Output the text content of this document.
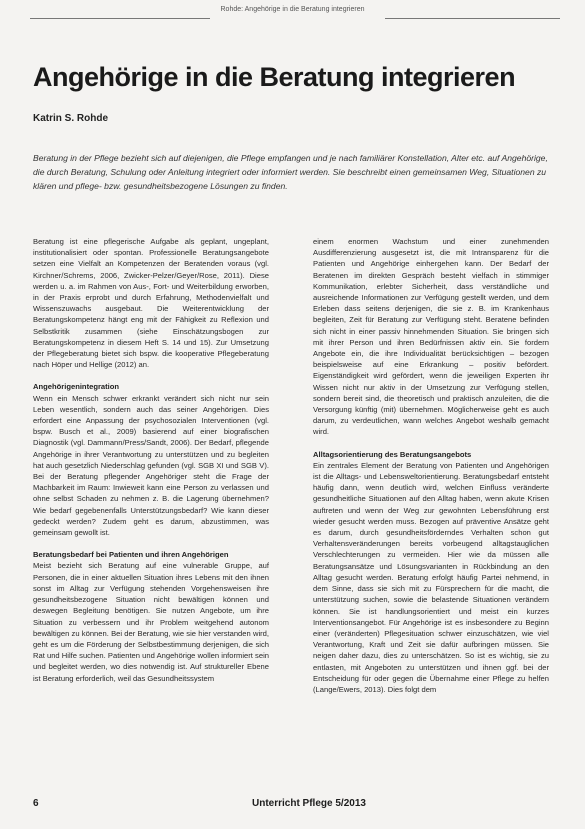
Rohde: Angehörige in die Beratung integrieren
Angehörige in die Beratung integrieren
Katrin S. Rohde

Beratung in der Pflege bezieht sich auf diejenigen, die Pflege empfangen und je nach familiärer Konstellation, Alter etc. auf Angehörige, die durch Beratung, Schulung oder Anleitung integriert oder informiert werden. Sie beschreibt einen gemeinsamen Weg, Situationen zu klären und pflege- bzw. gesundheitsbezogene Lösungen zu finden.

Beratung ist eine pflegerische Aufgabe als geplant, ungeplant, institutionalisiert oder spontan. Professionelle Beratungsangebote setzen eine Vielfalt an Kompetenzen der Beratenden voraus (vgl. Kirchner/Schrems, 2006, Zwicker-Pelzer/Geyer/Rose, 2011). Diese werden u. a. im Rahmen von Aus-, Fort- und Weiterbildung erworben, in der Praxis erprobt und durch Erfahrung, Methodenvielfalt und Wissenszuwachs ausgebaut. Die Weiterentwicklung der Beratungskompetenz hängt eng mit der Fähigkeit zu Reflexion und Selbstkritik zusammen (siehe Einschätzungsbogen zur Beratungskompetenz in diesem Heft S. 14 und 15). Zur Umsetzung der Pflegeberatung bietet sich bspw. die kooperative Pflegeberatung nach Höper und Hellige (2012) an.

Angehörigenintegration

Wenn ein Mensch schwer erkrankt verändert sich nicht nur sein Leben wesentlich, sondern auch das seiner Angehörigen. Dies erfordert eine Anpassung der psychosozialen Interventionen (vgl. bspw. Busch et al., 2009) basierend auf einer biografischen Diagnostik (vgl. Dammann/Press/Sandt, 2006). Der Bedarf, pflegende Angehörige in ihrer Verantwortung zu unterstützen und zu begleiten hat auch gesetzlich Niederschlag gefunden (vgl. SGB XI und SGB V). Bei der Beratung pflegender Angehöriger steht die Frage der Machbarkeit im Raum: Inwieweit kann eine Person zu verlassen und ohne selbst Schaden zu nehmen z. B. die Lagerung übernehmen? Wie bedarf gegebenenfalls Unterstützungsbedarf? Wie kann dieser gedeckt werden? Zudem geht es darum, abzustimmen, was gemeinsam gewollt ist.

Beratungsbedarf bei Patienten und ihren Angehörigen

Meist bezieht sich Beratung auf eine vulnerable Gruppe, auf Personen, die in einer aktuellen Situation ihres Lebens mit den ihnen sonst im Alltag zur Verfügung stehenden Vorgehensweisen ihre gesundheitsbezogene Situation nicht bewältigen können und deswegen Begleitung benötigen. Sie nutzen Angebote, um ihre Situation zu verbessern und ihr Problem weitgehend autonom bewältigen zu können. Bei der Beratung, wie sie hier verstanden wird, geht es um die Förderung der Selbstbestimmung derjenigen, die sich Rat und Hilfe suchen. Patienten und Angehörige wollen informiert sein und begleitet werden, wo dies notwendig ist. Auf struktureller Ebene ist Beratung erforderlich, weil das Gesundheitssystem

einem enormen Wachstum und einer zunehmenden Ausdifferenzierung ausgesetzt ist, die mit Intransparenz für die Patienten und Angehörige einhergehen kann. Der Bedarf der Beratenen im direkten Gespräch besteht vielfach in stimmiger Kommunikation, erlebter Sicherheit, dass verständliche und ausreichende Informationen zur Verfügung gestellt werden, und dem Erleben dass seitens derjenigen, die sie z. B. im Krankenhaus begleiten, Zeit für Beratung zur Verfügung steht. Beratene befinden sich nicht in einer passiv hinnehmenden Situation. Sie bringen sich mit ihrer Person und ihren Bedürfnissen aktiv ein. Sie fordern Angebote ein, die ihre Individualität berücksichtigen – bezogen beispielsweise auf eine Erkrankung – positiv befördert. Eigenständigkeit wird gefördert, wenn die jeweiligen Experten ihr Wissen nicht nur aktiv in der Umsetzung zur Verfügung stellen, sondern bereit sind, die theoretisch und praktisch anzuleiten, die die Versorgung künftig (mit) übernehmen. Möglicherweise geht es auch darum, zu verdeutlichen, wann welches Angebot weshalb gemacht wird.

Alltagsorientierung des Beratungsangebots

Ein zentrales Element der Beratung von Patienten und Angehörigen ist die Alltags- und Lebensweltorientierung. Beratungsbedarf entsteht häufig dann, wenn deutlich wird, welchen Einfluss veränderte gesundheitliche Situationen auf den Alltag haben, wenn akute Krisen auftreten und wenn der Weg zur gewohnten Lebensführung erst wieder gesucht werden muss. Bezogen auf präventive Ansätze geht es darum, durch gesundheitsförderndes Verhalten schon gut Verhaltensveränderungen bereits vorbeugend alltagstauglichen Verschlechterungen zu vermeiden. Hier wie da müssen alle Beratungsansätze und Lösungsvarianten in Rückbindung an den Alltag gesucht werden. Beratung erfolgt häufig Partei nehmend, in dem Sinne, dass sie sich mit zu Fürsprechern für die macht, die unterstützung suchen, sowie die belastende Situationen verändern können. Sie ist handlungsorientiert und meist ein kurzes Interventionsangebot. Für Angehörige ist es insbesondere zu Beginn einer (veränderten) Pflegesituation schwer einzuschätzen, wie viel Verantwortung, Kraft und Zeit sie dafür aufbringen müssen. Sie neigen daher dazu, dies zu unterschätzen. So ist es wichtig, sie zu entlasten, mit Angeboten zu unterstützen und ihnen ggf. bei der Entscheidung für oder gegen die Übernahme einer Pflege zu helfen (Lange/Ewers, 2013). Dies folgt dem

6	Unterricht Pflege 5/2013
